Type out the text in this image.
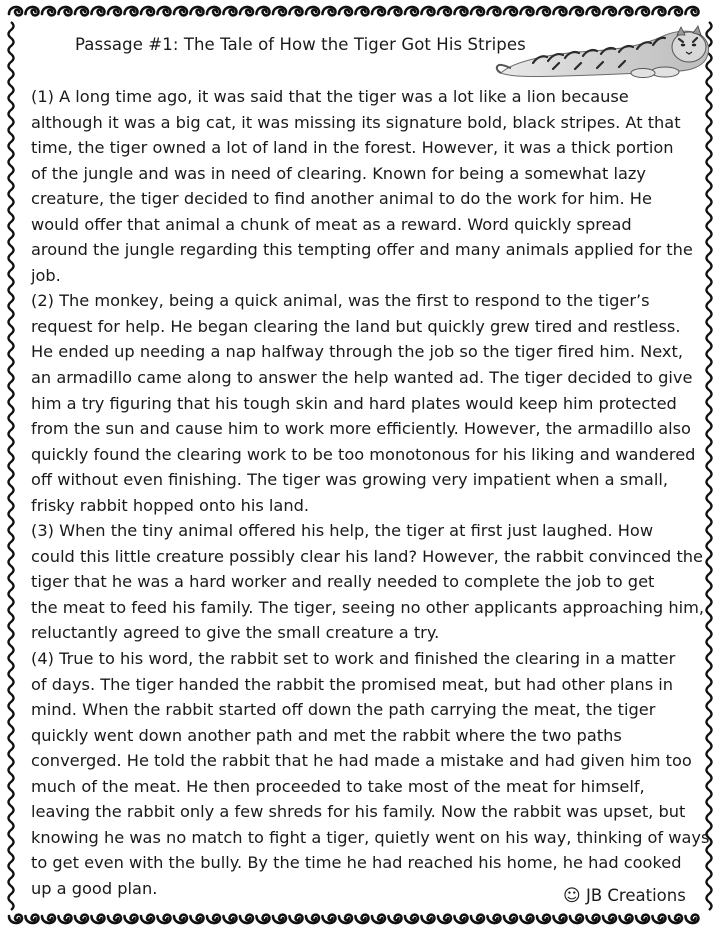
Passage #1: The Tale of How the Tiger Got His Stripes
(1) A long time ago, it was said that the tiger was a lot like a lion because
although it was a big cat, it was missing its signature bold, black stripes. At that
time, the tiger owned a lot of land in the forest. However, it was a thick portion
of the jungle and was in need of clearing. Known for being a somewhat lazy
creature, the tiger decided to find another animal to do the work for him. He
would offer that animal a chunk of meat as a reward. Word quickly spread
around the jungle regarding this tempting offer and many animals applied for the
job.
(2) The monkey, being a quick animal, was the first to respond to the tiger’s
request for help. He began clearing the land but quickly grew tired and restless.
He ended up needing a nap halfway through the job so the tiger fired him. Next,
an armadillo came along to answer the help wanted ad. The tiger decided to give
him a try figuring that his tough skin and hard plates would keep him protected
from the sun and cause him to work more efficiently. However, the armadillo also
quickly found the clearing work to be too monotonous for his liking and wandered
off without even finishing. The tiger was growing very impatient when a small,
frisky rabbit hopped onto his land.
(3) When the tiny animal offered his help, the tiger at first just laughed. How
could this little creature possibly clear his land? However, the rabbit convinced the
tiger that he was a hard worker and really needed to complete the job to get
the meat to feed his family. The tiger, seeing no other applicants approaching him,
reluctantly agreed to give the small creature a try.
(4) True to his word, the rabbit set to work and finished the clearing in a matter
of days. The tiger handed the rabbit the promised meat, but had other plans in
mind. When the rabbit started off down the path carrying the meat, the tiger
quickly went down another path and met the rabbit where the two paths
converged. He told the rabbit that he had made a mistake and had given him too
much of the meat. He then proceeded to take most of the meat for himself,
leaving the rabbit only a few shreds for his family. Now the rabbit was upset, but
knowing he was no match to fight a tiger, quietly went on his way, thinking of ways
to get even with the bully. By the time he had reached his home, he had cooked
up a good plan.	☺ JB Creations
